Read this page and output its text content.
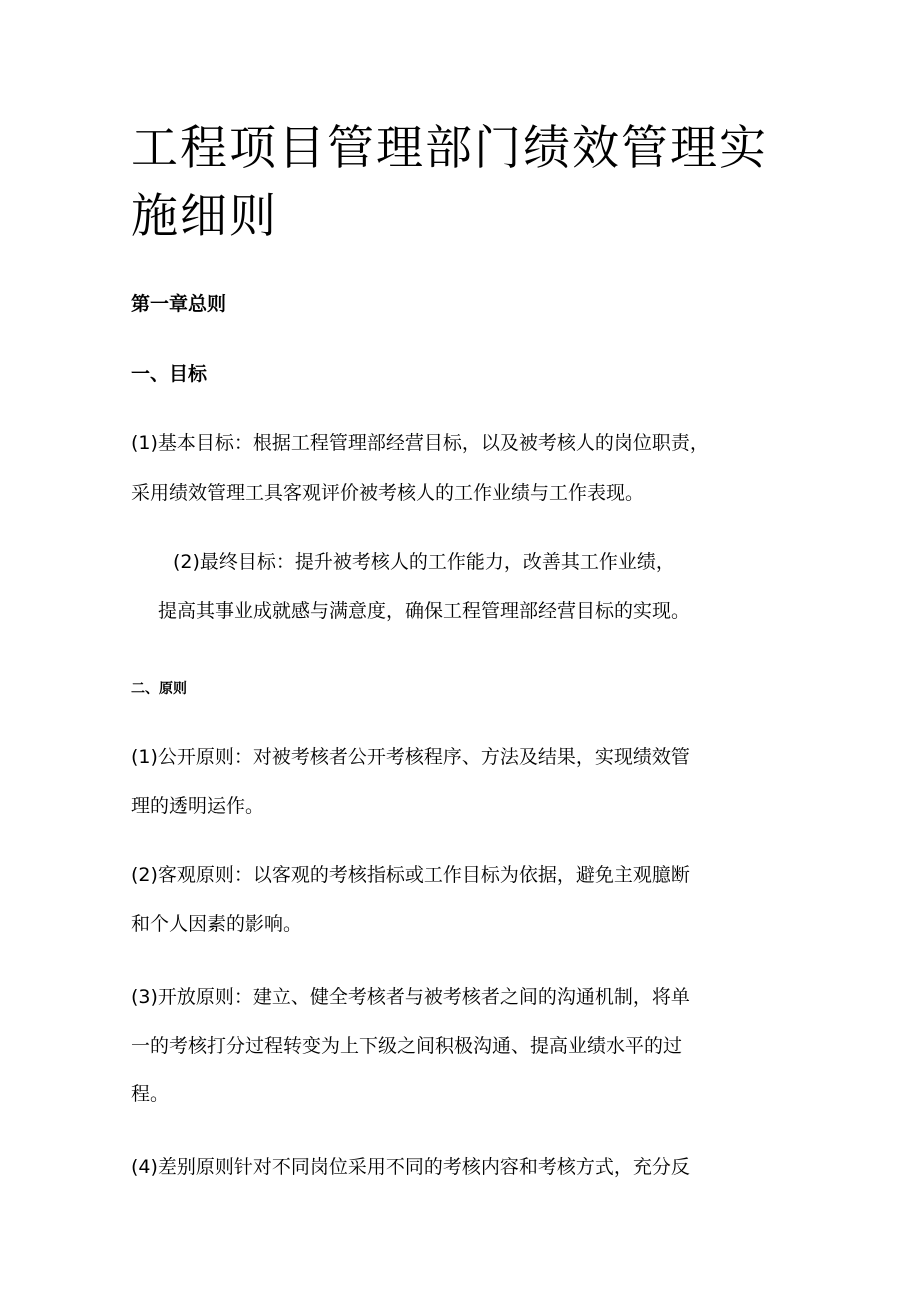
工程项目管理部门绩效管理实施细则
第一章总则
一、目标

(1)基本目标：根据工程管理部经营目标，以及被考核人的岗位职责，

采用绩效管理工具客观评价被考核人的工作业绩与工作表现。

(2)最终目标：提升被考核人的工作能力，改善其工作业绩，

提高其事业成就感与满意度，确保工程管理部经营目标的实现。

二、原则

(1)公开原则：对被考核者公开考核程序、方法及结果，实现绩效管

理的透明运作。

(2)客观原则：以客观的考核指标或工作目标为依据，避免主观臆断

和个人因素的影响。

(3)开放原则：建立、健全考核者与被考核者之间的沟通机制，将单

一的考核打分过程转变为上下级之间积极沟通、提高业绩水平的过

程。

(4)差别原则针对不同岗位采用不同的考核内容和考核方式，充分反
